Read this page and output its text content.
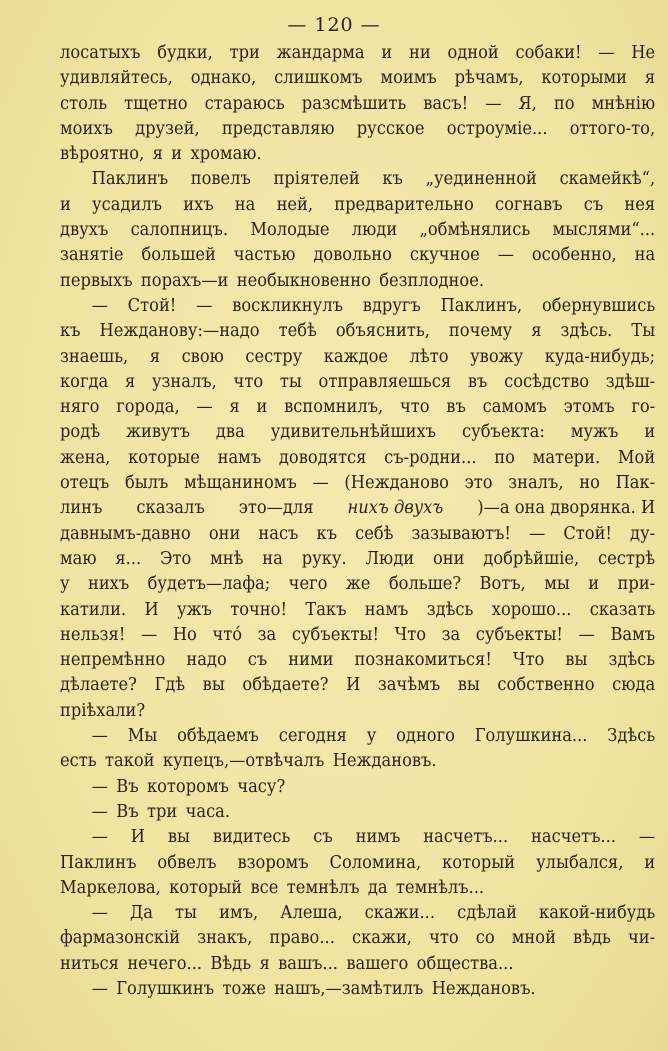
— 120 —
лосатыхъ будки, три жандарма и ни одной собаки! — Не
удивляйтесь, однако, слишкомъ моимъ рѣчамъ, которыми я
столь тщетно стараюсь разсмѣшить васъ! — Я, по мнѣнію
моихъ друзей, представляю русское остроуміе... оттого-то,
вѣроятно, я и хромаю.
Паклинъ повелъ пріятелей къ „уединенной скамейкѣ“,
и усадилъ ихъ на ней, предварительно согнавъ съ нея
двухъ салопницъ. Молодые люди „обмѣнялись мыслями“...
занятіе большей частью довольно скучное — особенно, на
первыхъ порахъ—и необыкновенно безплодное.
— Стой! — воскликнулъ вдругъ Паклинъ, обернувшись
къ Нежданову:—надо тебѣ объяснить, почему я здѣсь. Ты
знаешь, я свою сестру каждое лѣто увожу куда-нибудь;
когда я узналъ, что ты отправляешься въ сосѣдство здѣш-
няго города, — я и вспомнилъ, что въ самомъ этомъ го-
родѣ живутъ два удивительнѣйшихъ субъекта: мужъ и
жена, которые намъ доводятся съ-родни... по матери. Мой
отецъ былъ мѣщаниномъ — (Нежданово это зналъ, но Пак-
линъ сказалъ это—для нихъ двухъ )—а она дворянка. И
давнымъ-давно они насъ къ себѣ зазываютъ! — Стой! ду-
маю я... Это мнѣ на руку. Люди они добрѣйшіе, сестрѣ
у нихъ будетъ—лафа; чего же больше? Вотъ, мы и при-
катили. И ужъ точно! Такъ намъ здѣсь хорошо... сказать
нельзя! — Но что́ за субъекты! Что за субъекты! — Вамъ
непремѣнно надо съ ними познакомиться! Что вы здѣсь
дѣлаете? Гдѣ вы обѣдаете? И зачѣмъ вы собственно сюда
пріѣхали?
— Мы обѣдаемъ сегодня у одного Голушкина... Здѣсь
есть такой купецъ,—отвѣчалъ Неждановъ.
— Въ которомъ часу?
— Въ три часа.
— И вы видитесь съ нимъ насчетъ... насчетъ... —
Паклинъ обвелъ взоромъ Соломина, который улыбался, и
Маркелова, который все темнѣлъ да темнѣлъ...
— Да ты имъ, Алеша, скажи... сдѣлай какой-нибудь
фармазонскій знакъ, право... скажи, что со мной вѣдь чи-
ниться нечего... Вѣдь я вашъ... вашего общества...
— Голушкинъ тоже нашъ,—замѣтилъ Неждановъ.
